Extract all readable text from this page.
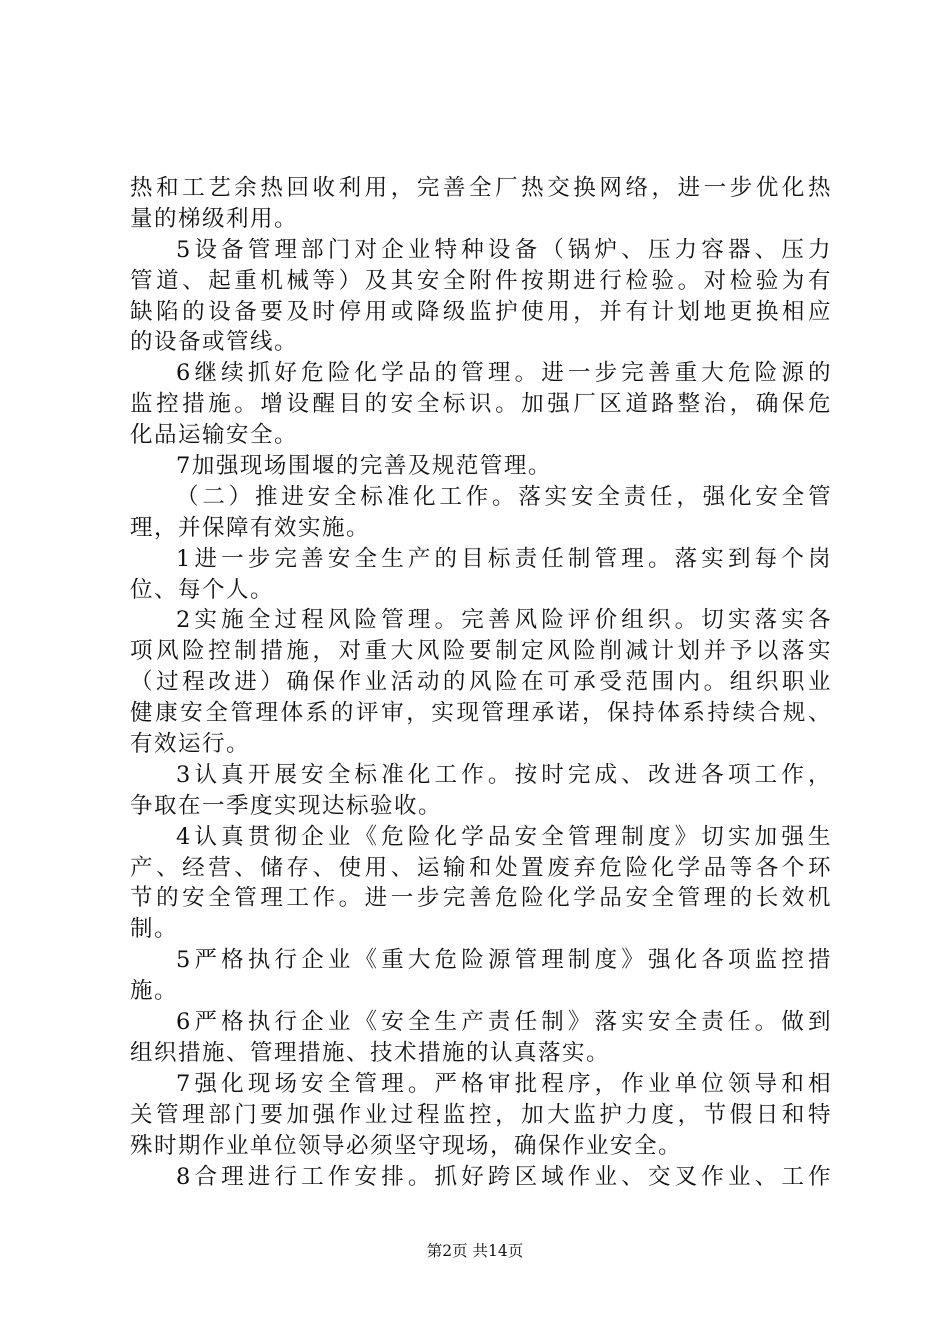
热和工艺余热回收利用，完善全厂热交换网络，进一步优化热
量的梯级利用。
5设备管理部门对企业特种设备（锅炉、压力容器、压力
管道、起重机械等）及其安全附件按期进行检验。对检验为有
缺陷的设备要及时停用或降级监护使用，并有计划地更换相应
的设备或管线。
6继续抓好危险化学品的管理。进一步完善重大危险源的
监控措施。增设醒目的安全标识。加强厂区道路整治，确保危
化品运输安全。
7加强现场围堰的完善及规范管理。
（二）推进安全标准化工作。落实安全责任，强化安全管
理，并保障有效实施。
1进一步完善安全生产的目标责任制管理。落实到每个岗
位、每个人。
2实施全过程风险管理。完善风险评价组织。切实落实各
项风险控制措施，对重大风险要制定风险削减计划并予以落实
（过程改进）确保作业活动的风险在可承受范围内。组织职业
健康安全管理体系的评审，实现管理承诺，保持体系持续合规、
有效运行。
3认真开展安全标准化工作。按时完成、改进各项工作，
争取在一季度实现达标验收。
4认真贯彻企业《危险化学品安全管理制度》切实加强生
产、经营、储存、使用、运输和处置废弃危险化学品等各个环
节的安全管理工作。进一步完善危险化学品安全管理的长效机
制。
5严格执行企业《重大危险源管理制度》强化各项监控措
施。
6严格执行企业《安全生产责任制》落实安全责任。做到
组织措施、管理措施、技术措施的认真落实。
7强化现场安全管理。严格审批程序，作业单位领导和相
关管理部门要加强作业过程监控，加大监护力度，节假日和特
殊时期作业单位领导必须坚守现场，确保作业安全。
8合理进行工作安排。抓好跨区域作业、交叉作业、工作
第2页 共14页
